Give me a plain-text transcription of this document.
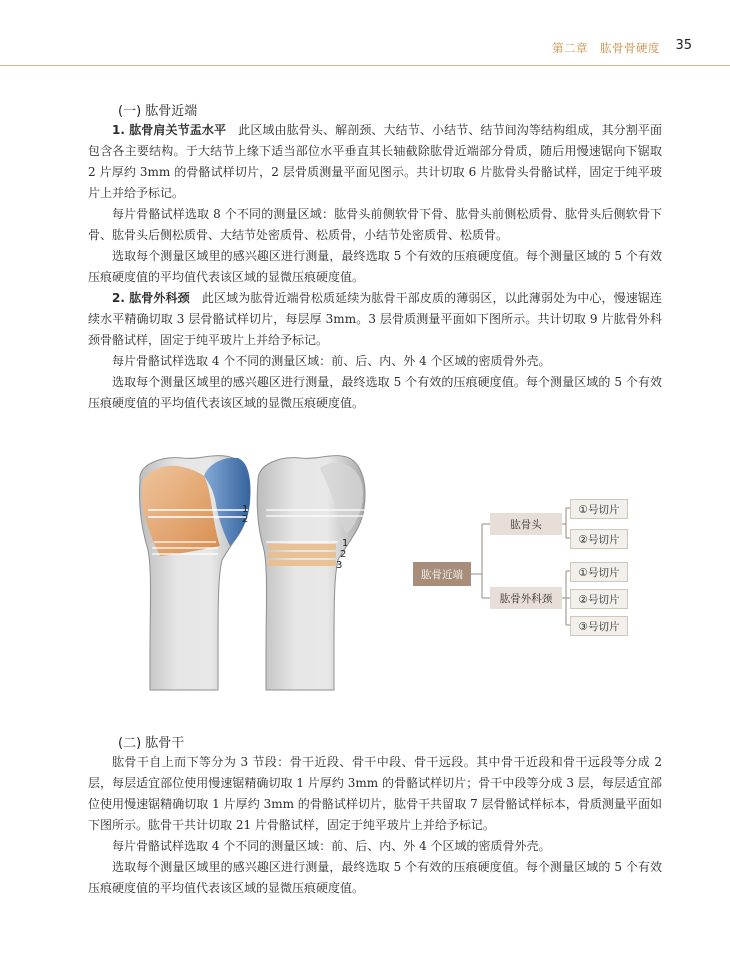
第二章　肱骨骨硬度 35
(一) 肱骨近端

1. 肱骨肩关节盂水平　此区域由肱骨头、解剖颈、大结节、小结节、结节间沟等结构组成，其分割平面包含各主要结构。于大结节上缘下适当部位水平垂直其长轴截除肱骨近端部分骨质，随后用慢速锯向下锯取 2 片厚约 3mm 的骨骼试样切片，2 层骨质测量平面见图示。共计切取 6 片肱骨头骨骼试样，固定于纯平玻片上并给予标记。

每片骨骼试样选取 8 个不同的测量区域：肱骨头前侧软骨下骨、肱骨头前侧松质骨、肱骨头后侧软骨下骨、肱骨头后侧松质骨、大结节处密质骨、松质骨，小结节处密质骨、松质骨。

选取每个测量区域里的感兴趣区进行测量，最终选取 5 个有效的压痕硬度值。每个测量区域的 5 个有效压痕硬度值的平均值代表该区域的显微压痕硬度值。

2. 肱骨外科颈　此区域为肱骨近端骨松质延续为肱骨干部皮质的薄弱区，以此薄弱处为中心，慢速锯连续水平精确切取 3 层骨骼试样切片，每层厚 3mm。3 层骨质测量平面如下图所示。共计切取 9 片肱骨外科颈骨骼试样，固定于纯平玻片上并给予标记。

每片骨骼试样选取 4 个不同的测量区域：前、后、内、外 4 个区域的密质骨外壳。

选取每个测量区域里的感兴趣区进行测量，最终选取 5 个有效的压痕硬度值。每个测量区域的 5 个有效压痕硬度值的平均值代表该区域的显微压痕硬度值。

1
2
1
2
3
肱骨近端
肱骨头
肱骨外科颈
①号切片
②号切片
①号切片
②号切片
③号切片
(二) 肱骨干

肱骨干自上而下等分为 3 节段：骨干近段、骨干中段、骨干远段。其中骨干近段和骨干远段等分成 2 层，每层适宜部位使用慢速锯精确切取 1 片厚约 3mm 的骨骼试样切片；骨干中段等分成 3 层，每层适宜部位使用慢速锯精确切取 1 片厚约 3mm 的骨骼试样切片，肱骨干共留取 7 层骨骼试样标本，骨质测量平面如下图所示。肱骨干共计切取 21 片骨骼试样，固定于纯平玻片上并给予标记。

每片骨骼试样选取 4 个不同的测量区域：前、后、内、外 4 个区域的密质骨外壳。

选取每个测量区域里的感兴趣区进行测量，最终选取 5 个有效的压痕硬度值。每个测量区域的 5 个有效压痕硬度值的平均值代表该区域的显微压痕硬度值。
